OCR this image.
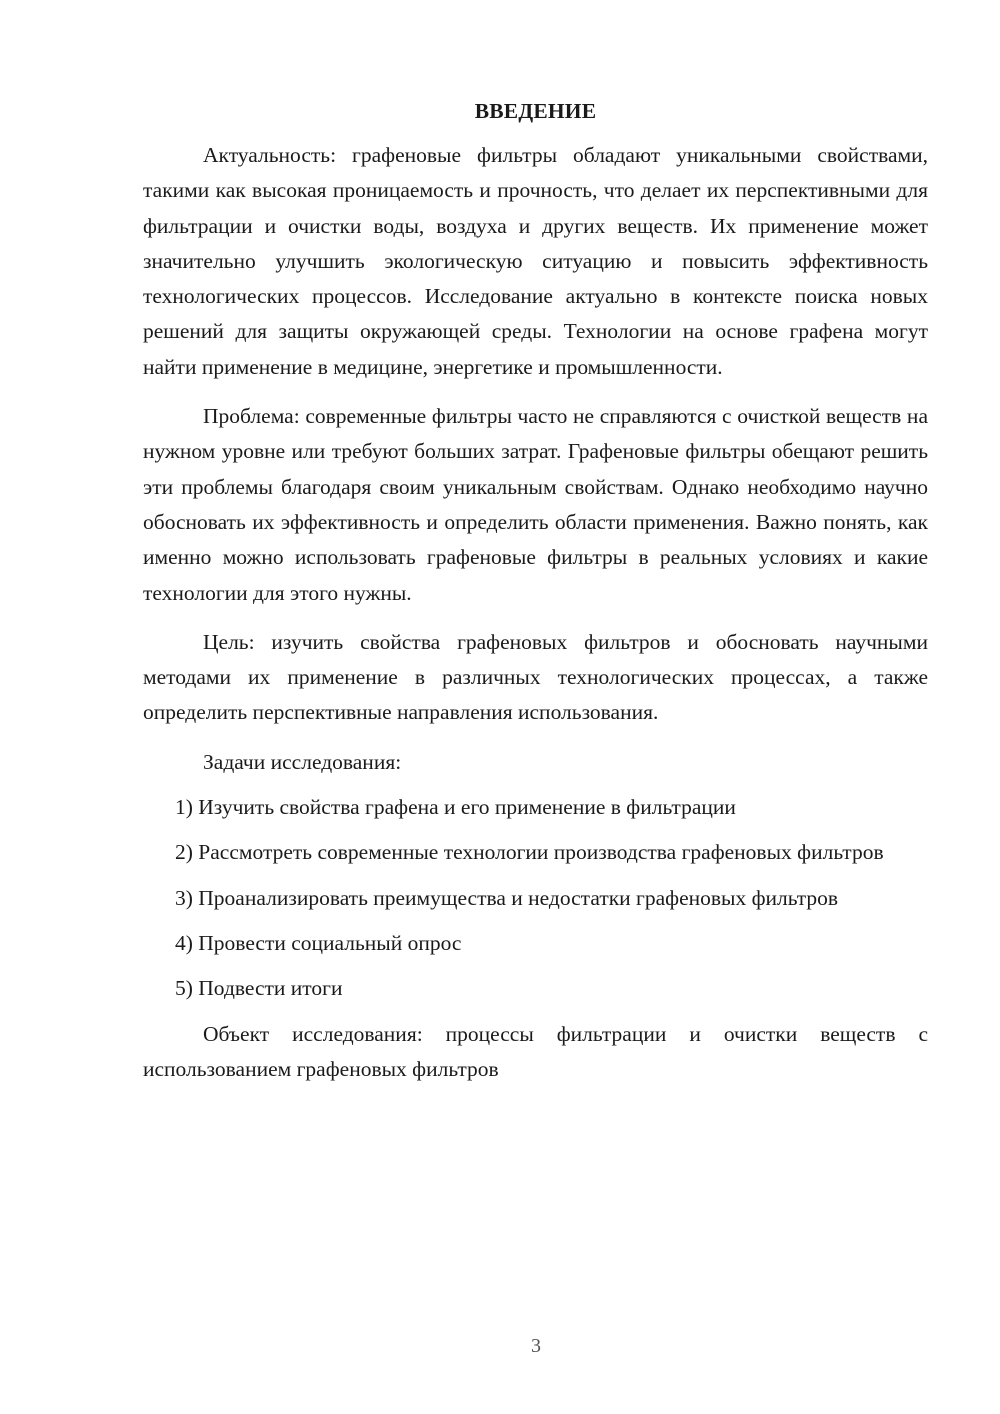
ВВЕДЕНИЕ

Актуальность: графеновые фильтры обладают уникальными свойствами, такими как высокая проницаемость и прочность, что делает их перспективными для фильтрации и очистки воды, воздуха и других веществ. Их применение может значительно улучшить экологическую ситуацию и повысить эффективность технологических процессов. Исследование актуально в контексте поиска новых решений для защиты окружающей среды. Технологии на основе графена могут найти применение в медицине, энергетике и промышленности.

Проблема: современные фильтры часто не справляются с очисткой веществ на нужном уровне или требуют больших затрат. Графеновые фильтры обещают решить эти проблемы благодаря своим уникальным свойствам. Однако необходимо научно обосновать их эффективность и определить области применения. Важно понять, как именно можно использовать графеновые фильтры в реальных условиях и какие технологии для этого нужны.

Цель: изучить свойства графеновых фильтров и обосновать научными методами их применение в различных технологических процессах, а также определить перспективные направления использования.

Задачи исследования:

1) Изучить свойства графена и его применение в фильтрации

2) Рассмотреть современные технологии производства графеновых фильтров

3) Проанализировать преимущества и недостатки графеновых фильтров

4) Провести социальный опрос

5) Подвести итоги

Объект исследования: процессы фильтрации и очистки веществ с использованием графеновых фильтров

3
